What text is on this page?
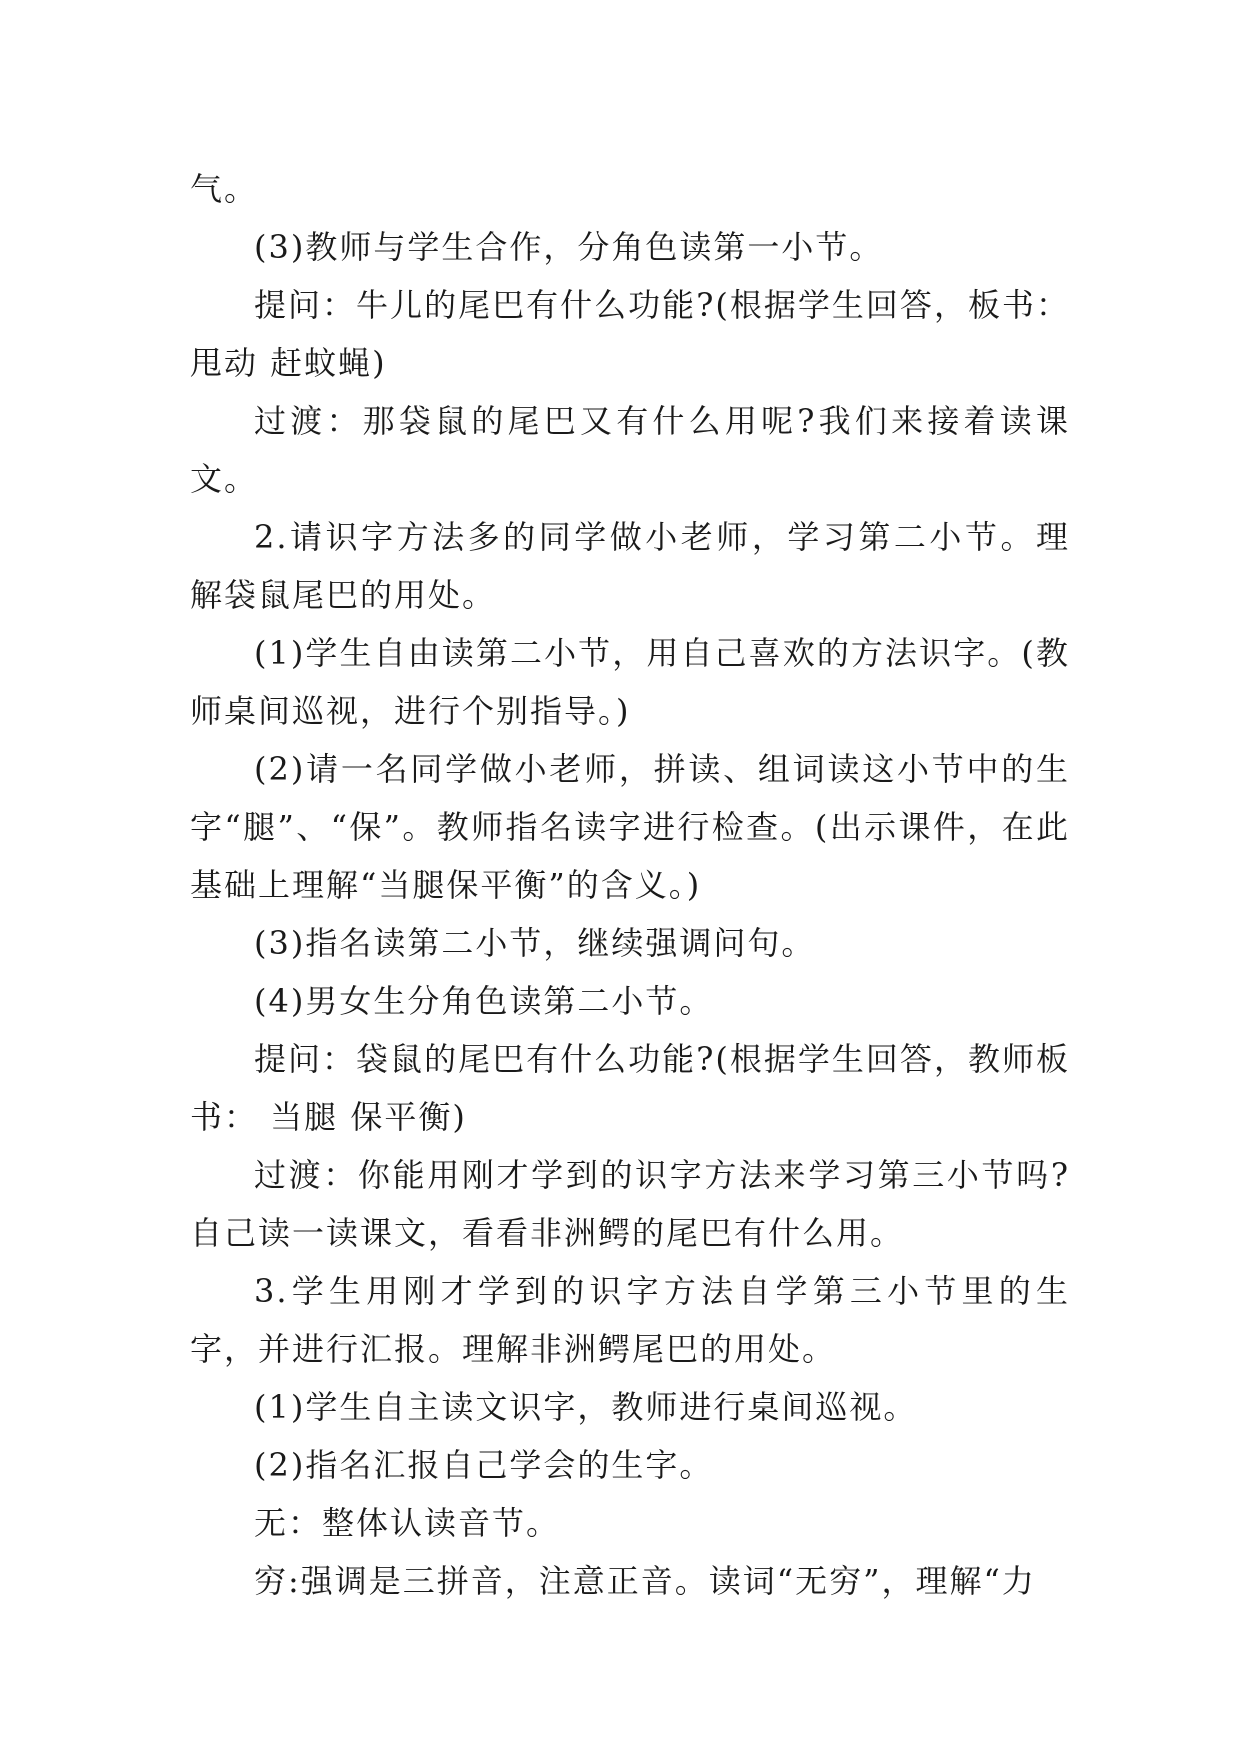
气。

(3)教师与学生合作，分角色读第一小节。

提问：牛儿的尾巴有什么功能?(根据学生回答，板书：甩动 赶蚊蝇)

过渡：那袋鼠的尾巴又有什么用呢?我们来接着读课文。

2.请识字方法多的同学做小老师，学习第二小节。理解袋鼠尾巴的用处。

(1)学生自由读第二小节，用自己喜欢的方法识字。(教师桌间巡视，进行个别指导。)

(2)请一名同学做小老师，拼读、组词读这小节中的生字“腿”、“保”。教师指名读字进行检查。(出示课件，在此基础上理解“当腿保平衡”的含义。)

(3)指名读第二小节，继续强调问句。

(4)男女生分角色读第二小节。

提问：袋鼠的尾巴有什么功能?(根据学生回答，教师板书： 当腿 保平衡)

过渡：你能用刚才学到的识字方法来学习第三小节吗?自己读一读课文，看看非洲鳄的尾巴有什么用。

3.学生用刚才学到的识字方法自学第三小节里的生字，并进行汇报。理解非洲鳄尾巴的用处。

(1)学生自主读文识字，教师进行桌间巡视。

(2)指名汇报自己学会的生字。

无：整体认读音节。

穷:强调是三拼音，注意正音。读词“无穷”，理解“力
